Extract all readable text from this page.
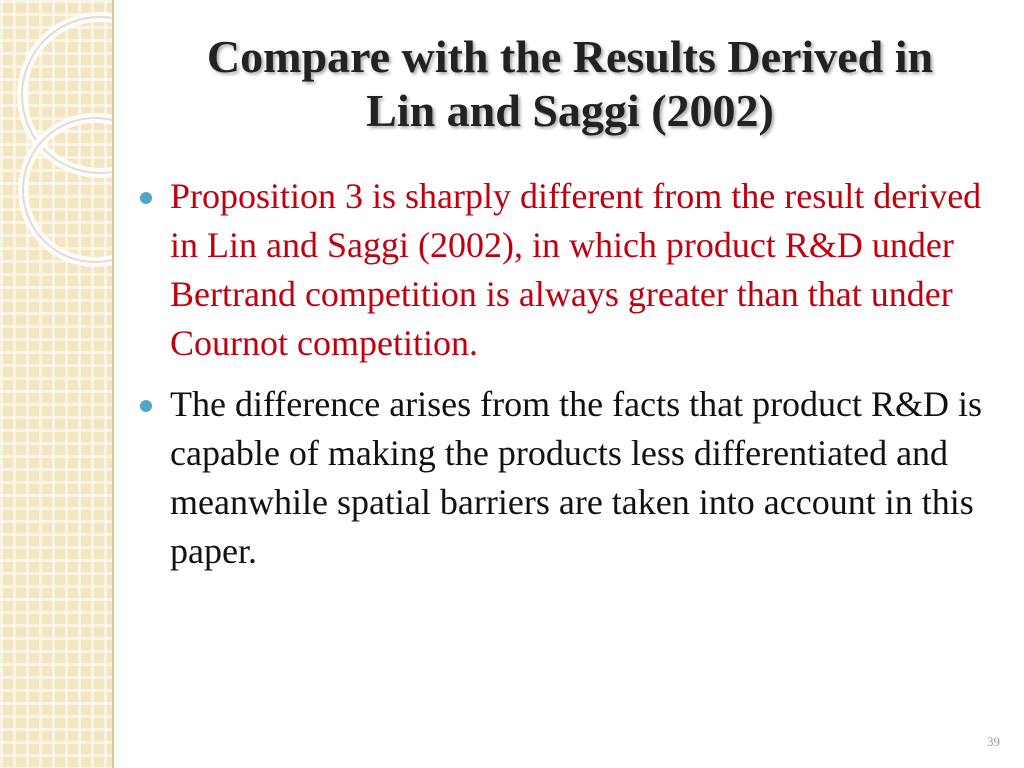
Compare with the Results Derived in
Lin and Saggi (2002)
Proposition 3 is sharply different from the result derived in Lin and Saggi (2002), in which product R&D under Bertrand competition is always greater than that under Cournot competition.
The difference arises from the facts that product R&D is capable of making the products less differentiated and meanwhile spatial barriers are taken into account in this paper.
39
